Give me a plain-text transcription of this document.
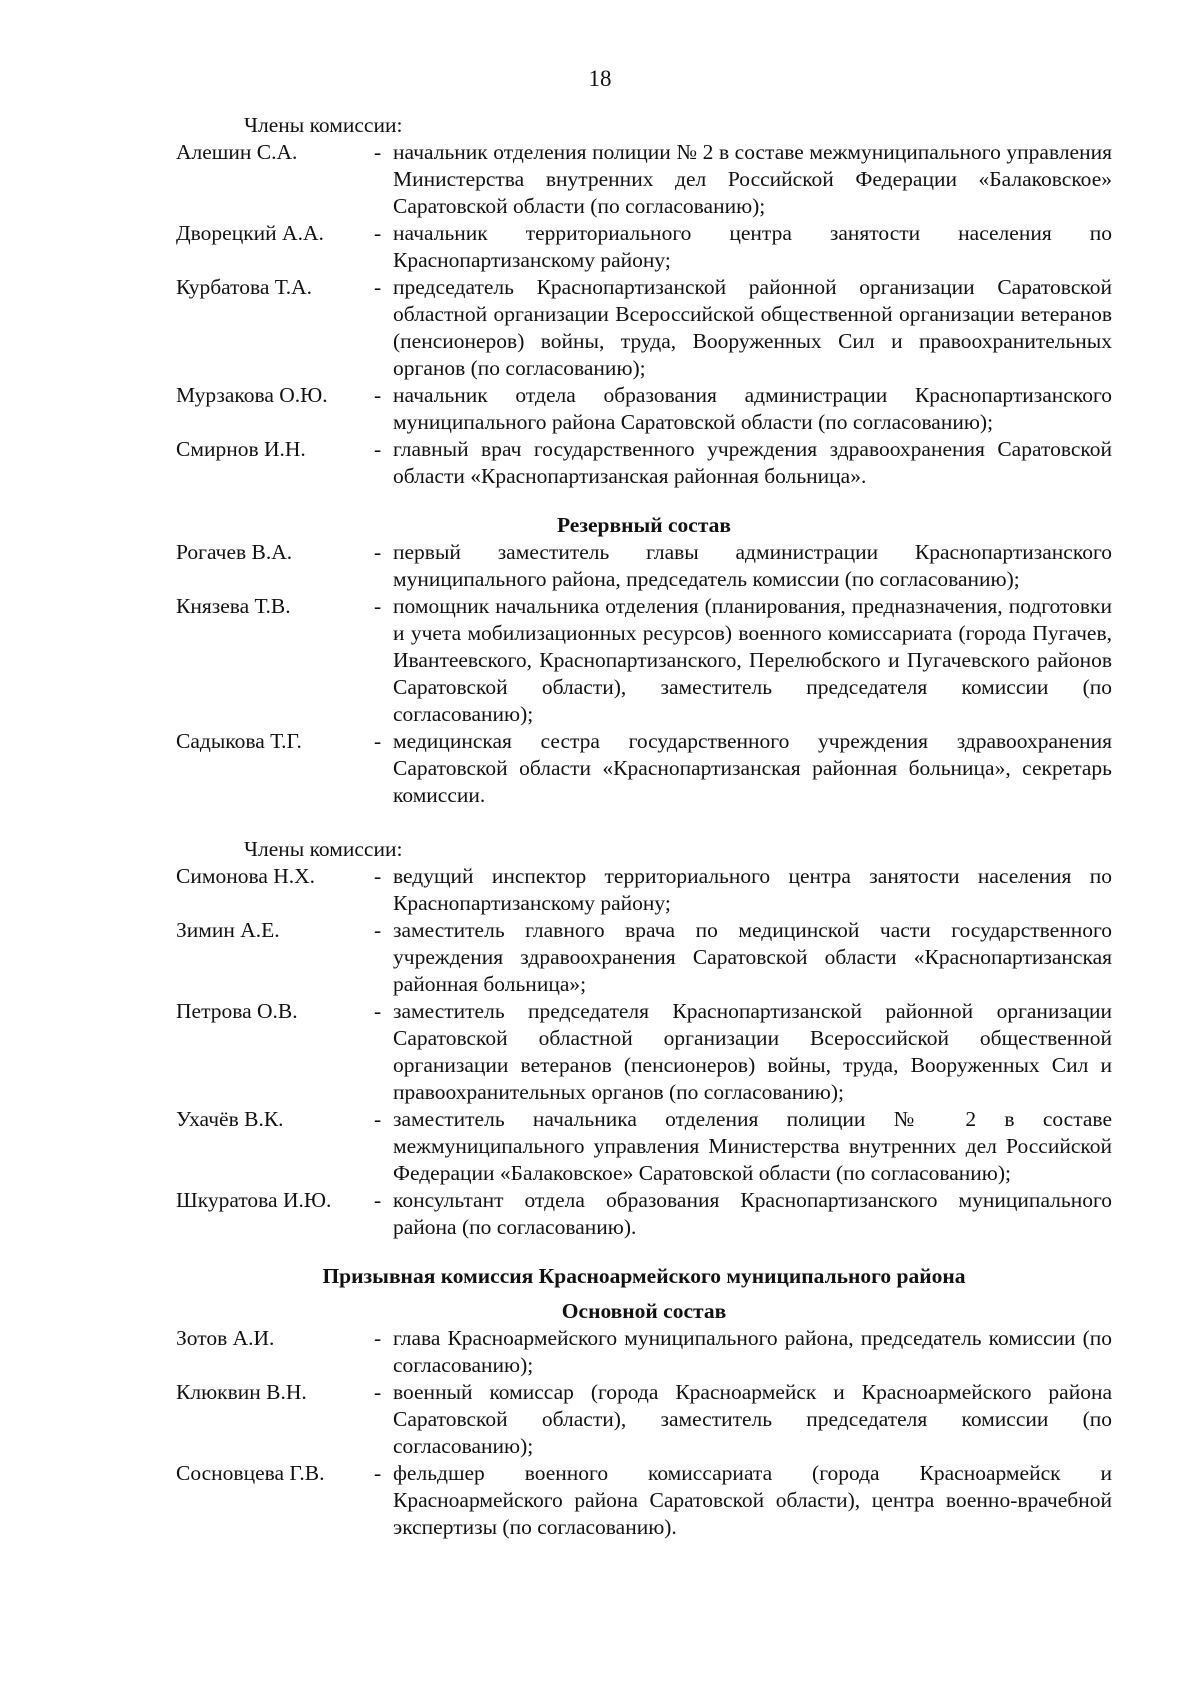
18
Члены комиссии:
Алешин С.А.	- начальник отделения полиции № 2 в составе межмуниципального управления Министерства внутренних дел Российской Федерации «Балаковское» Саратовской области (по согласованию);
Дворецкий А.А.	- начальник территориального центра занятости населения по Краснопартизанскому району;
Курбатова Т.А.	- председатель Краснопартизанской районной организации Саратовской областной организации Всероссийской общественной организации ветеранов (пенсионеров) войны, труда, Вооруженных Сил и правоохранительных органов (по согласованию);
Мурзакова О.Ю.	- начальник отдела образования администрации Краснопартизанского муниципального района Саратовской области (по согласованию);
Смирнов И.Н.	- главный врач государственного учреждения здравоохранения Саратовской области «Краснопартизанская районная больница».
Резервный состав
Рогачев В.А.	- первый заместитель главы администрации Краснопартизанского муниципального района, председатель комиссии (по согласованию);
Князева Т.В.	- помощник начальника отделения (планирования, предназначения, подготовки и учета мобилизационных ресурсов) военного комиссариата (города Пугачев, Ивантеевского, Краснопартизанского, Перелюбского и Пугачевского районов Саратовской области), заместитель председателя комиссии (по согласованию);
Садыкова Т.Г.	- медицинская сестра государственного учреждения здравоохранения Саратовской области «Краснопартизанская районная больница», секретарь комиссии.
Члены комиссии:
Симонова Н.Х.	- ведущий инспектор территориального центра занятости населения по Краснопартизанскому району;
Зимин А.Е.	- заместитель главного врача по медицинской части государственного учреждения здравоохранения Саратовской области «Краснопартизанская районная больница»;
Петрова О.В.	- заместитель председателя Краснопартизанской районной организации Саратовской областной организации Всероссийской общественной организации ветеранов (пенсионеров) войны, труда, Вооруженных Сил и правоохранительных органов (по согласованию);
Ухачёв В.К.	- заместитель начальника отделения полиции № 2 в составе межмуниципального управления Министерства внутренних дел Российской Федерации «Балаковское» Саратовской области (по согласованию);
Шкуратова И.Ю.	- консультант отдела образования Краснопартизанского муниципального района (по согласованию).
Призывная комиссия Красноармейского муниципального района
Основной состав
Зотов А.И.	- глава Красноармейского муниципального района, председатель комиссии (по согласованию);
Клюквин В.Н.	- военный комиссар (города Красноармейск и Красноармейского района Саратовской области), заместитель председателя комиссии (по согласованию);
Сосновцева Г.В.	- фельдшер военного комиссариата (города Красноармейск и Красноармейского района Саратовской области), центра военно-врачебной экспертизы (по согласованию).
